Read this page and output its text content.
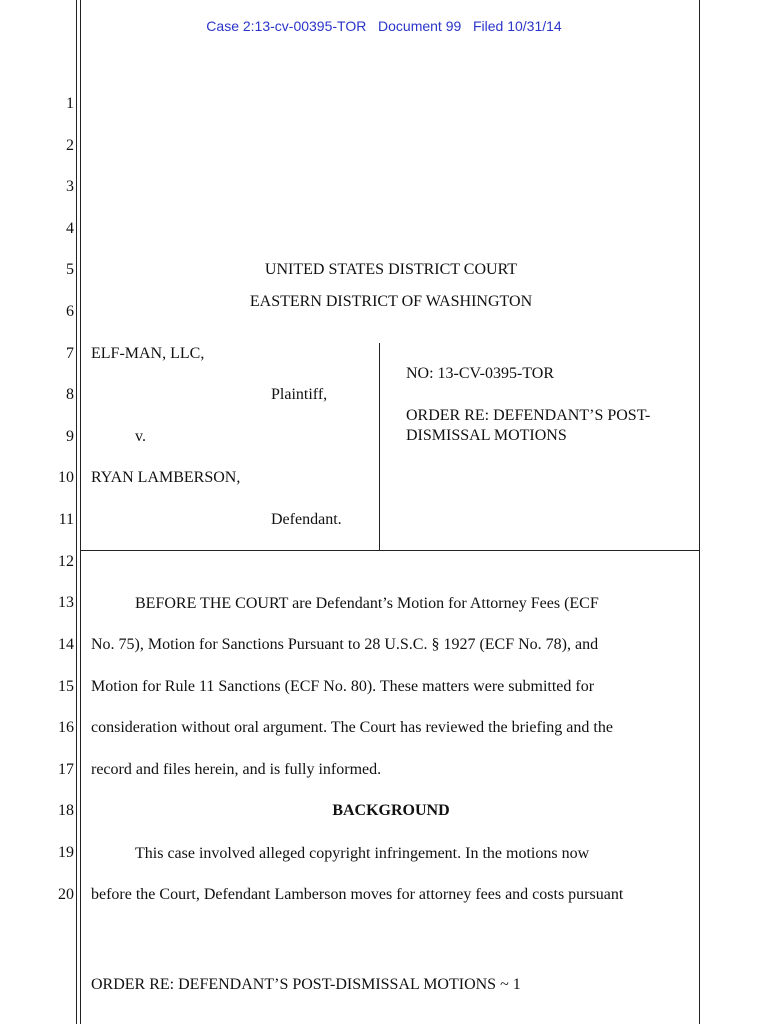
Case 2:13-cv-00395-TOR Document 99 Filed 10/31/14
1
2
3
4
5
6
7
8
9
10
11
12
13
14
15
16
17
18
19
20
UNITED STATES DISTRICT COURT
EASTERN DISTRICT OF WASHINGTON
ELF-MAN, LLC,
Plaintiff,
v.
RYAN LAMBERSON,
Defendant.
NO: 13-CV-0395-TOR
ORDER RE: DEFENDANT’S POST-
DISMISSAL MOTIONS
BEFORE THE COURT are Defendant’s Motion for Attorney Fees (ECF
No. 75), Motion for Sanctions Pursuant to 28 U.S.C. § 1927 (ECF No. 78), and
Motion for Rule 11 Sanctions (ECF No. 80). These matters were submitted for
consideration without oral argument. The Court has reviewed the briefing and the
record and files herein, and is fully informed.
BACKGROUND
This case involved alleged copyright infringement. In the motions now
before the Court, Defendant Lamberson moves for attorney fees and costs pursuant
ORDER RE: DEFENDANT’S POST-DISMISSAL MOTIONS ~ 1
